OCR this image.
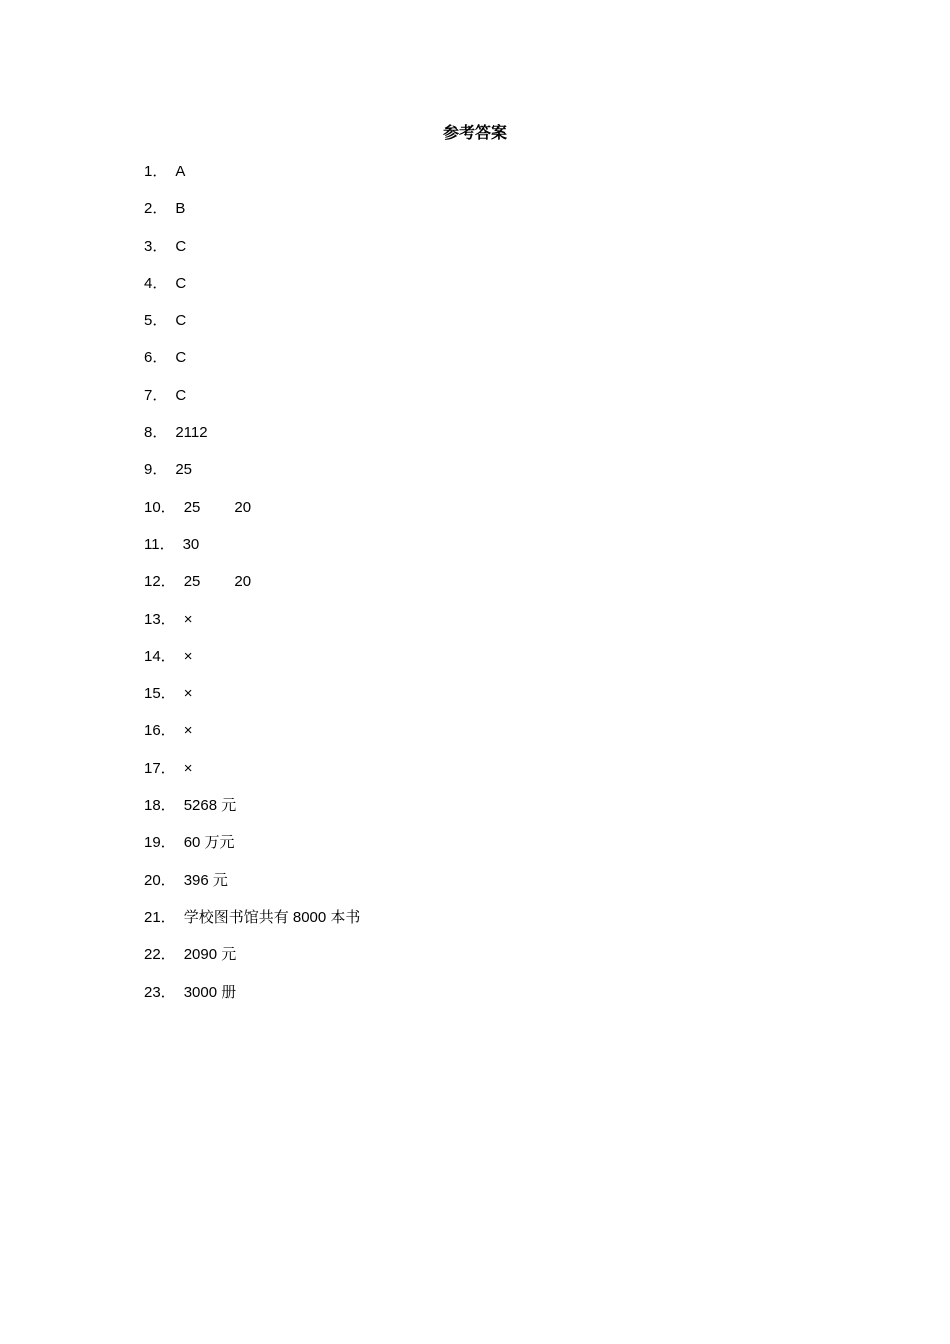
参考答案
1． A
2． B
3． C
4． C
5． C
6． C
7． C
8． 2112
9． 25
10． 25 20
11． 30
12． 25 20
13． ×
14． ×
15． ×
16． ×
17． ×
18． 5268 元
19． 60 万元
20． 396 元
21． 学校图书馆共有 8000 本书
22． 2090 元
23． 3000 册
